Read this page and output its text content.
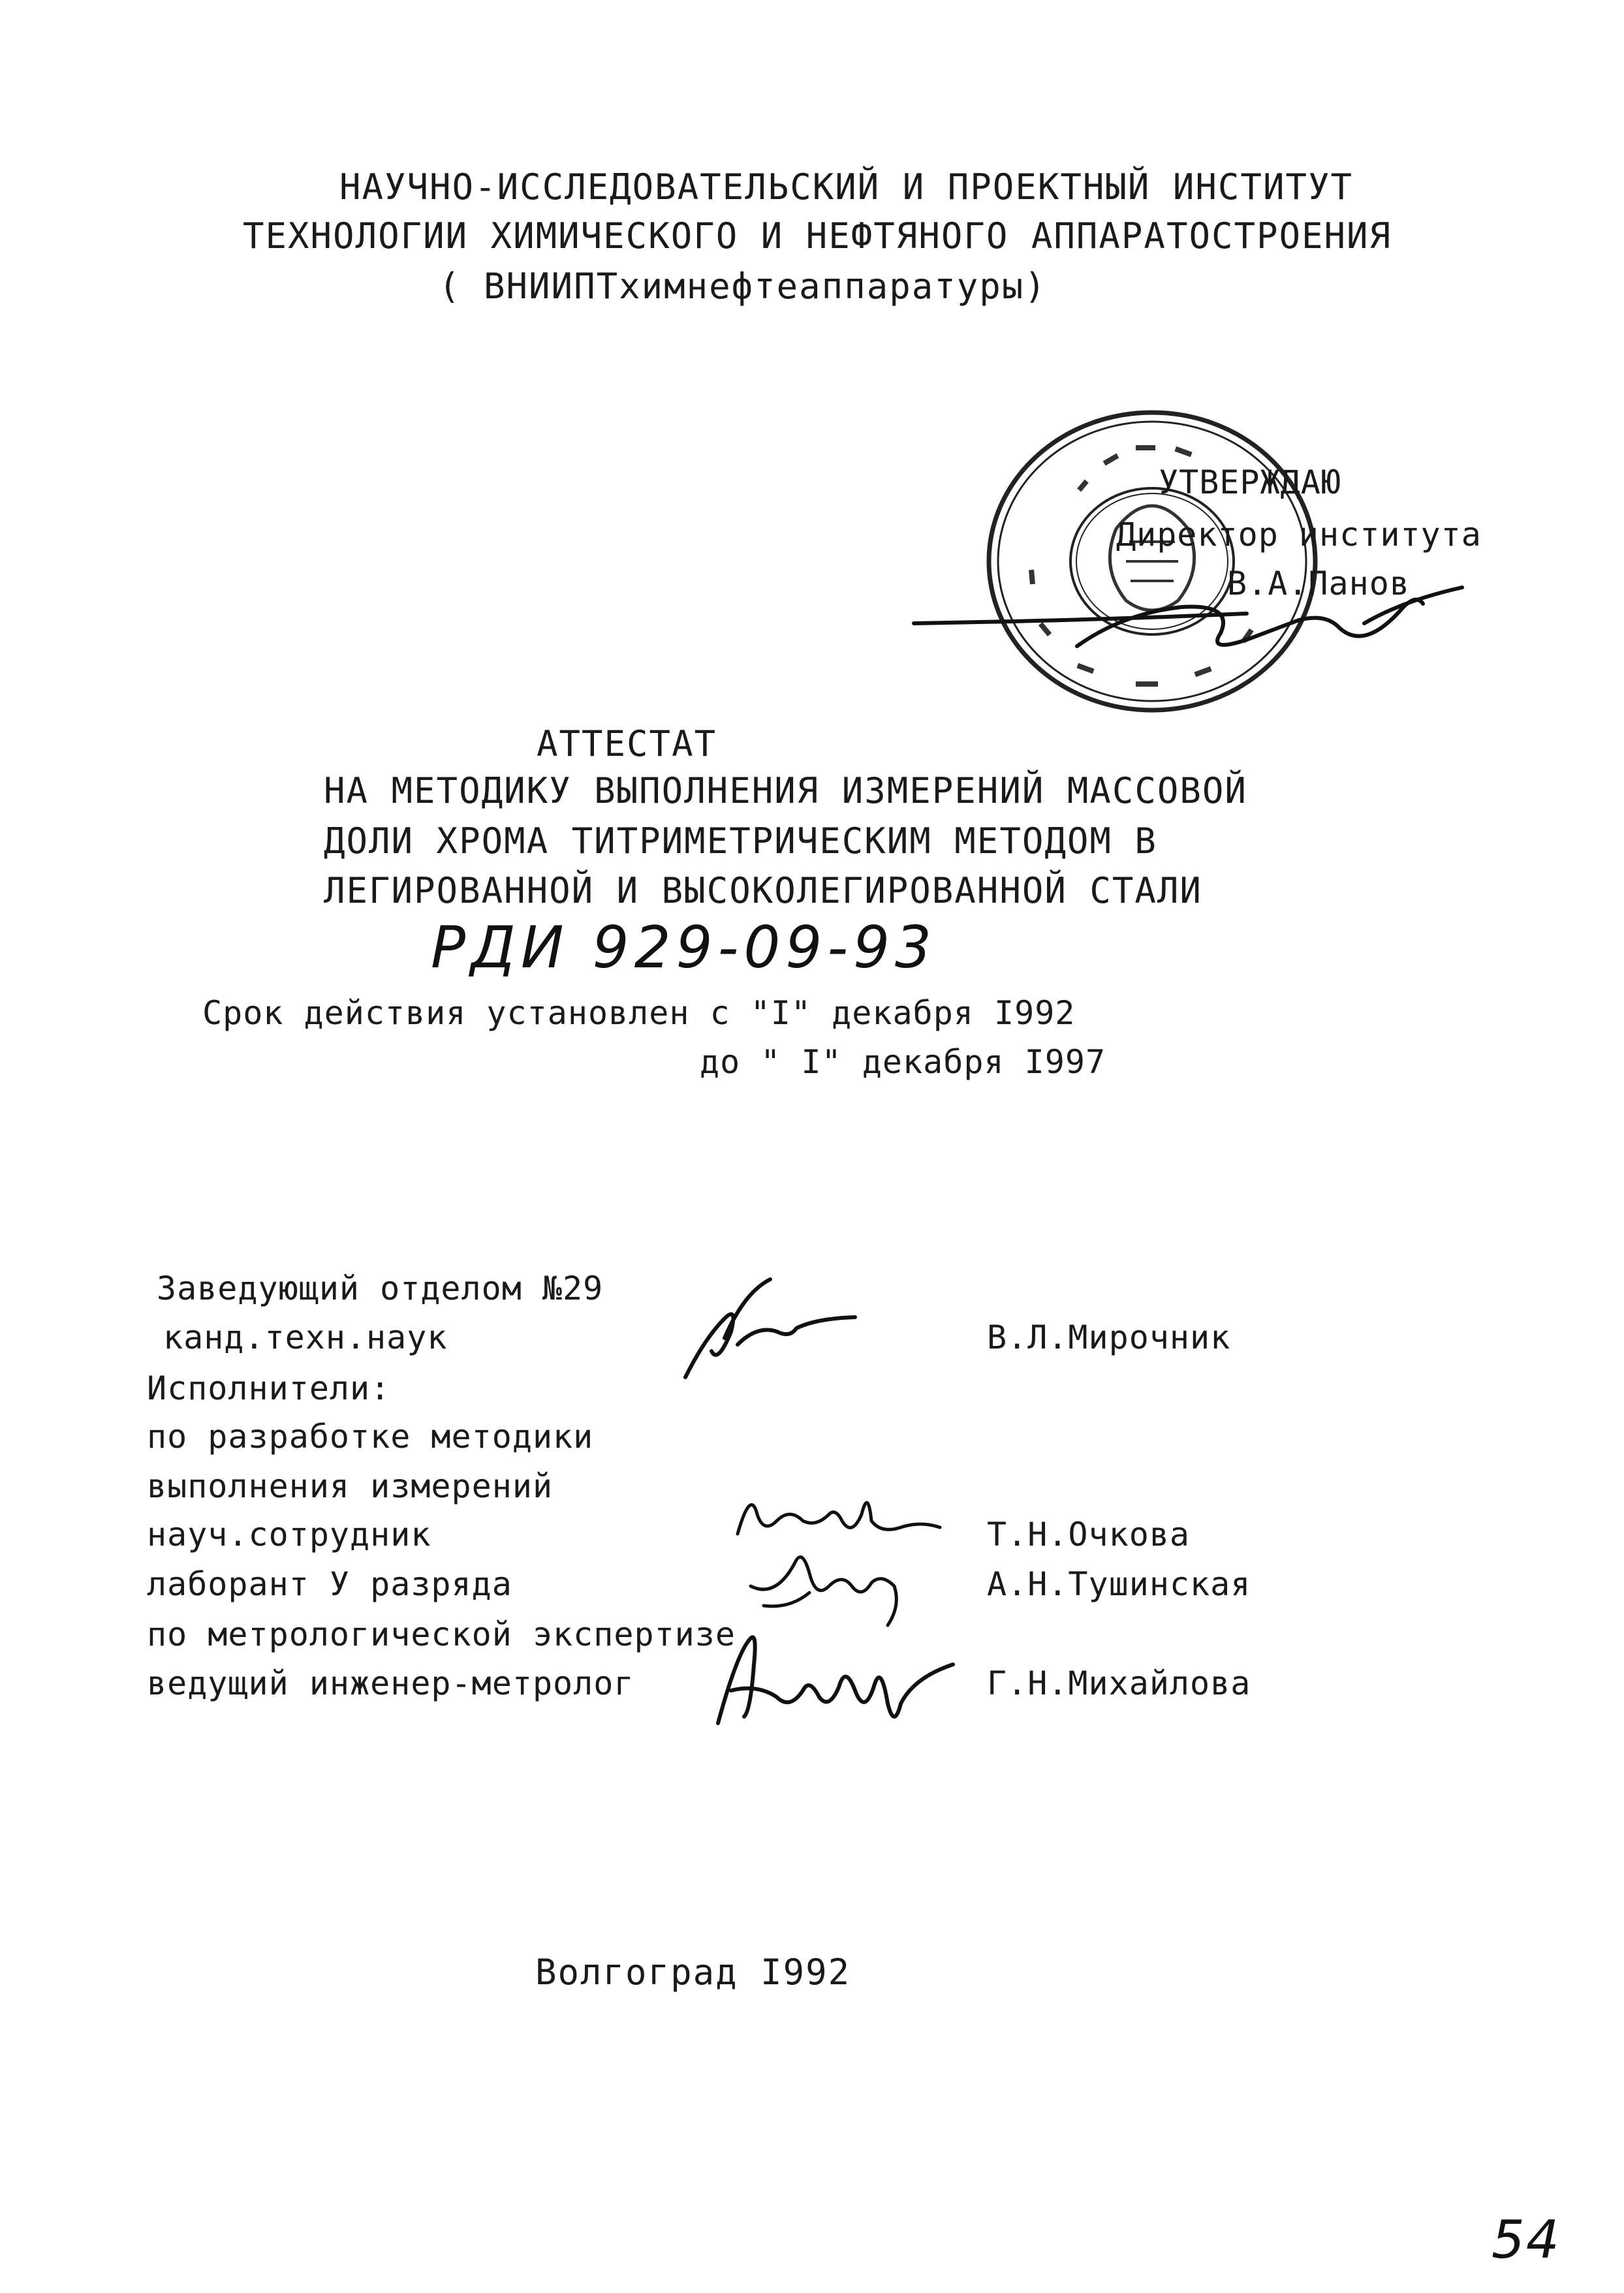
НАУЧНО-ИССЛЕДОВАТЕЛЬСКИЙ И ПРОЕКТНЫЙ ИНСТИТУТ
ТЕХНОЛОГИИ ХИМИЧЕСКОГО И НЕФТЯНОГО АППАРАТОСТРОЕНИЯ
( ВНИИПТхимнефтеаппаратуры)
УТВЕРЖДАЮ
Директор института
В.А.Панов
АТТЕСТАТ
НА МЕТОДИКУ ВЫПОЛНЕНИЯ ИЗМЕРЕНИЙ МАССОВОЙ
ДОЛИ ХРОМА ТИТРИМЕТРИЧЕСКИМ МЕТОДОМ В
ЛЕГИРОВАННОЙ И ВЫСОКОЛЕГИРОВАННОЙ СТАЛИ
РДИ 929-09-93
Срок действия установлен с "I" декабря I992
до " I" декабря I997
Заведующий отделом №29
канд.техн.наук	В.Л.Мирочник
Исполнители:
по разработке методики
выполнения измерений
науч.сотрудник	Т.Н.Очкова
лаборант У разряда	А.Н.Тушинская
по метрологической экспертизе
ведущий инженер-метролог	Г.Н.Михайлова
Волгоград I992
54
